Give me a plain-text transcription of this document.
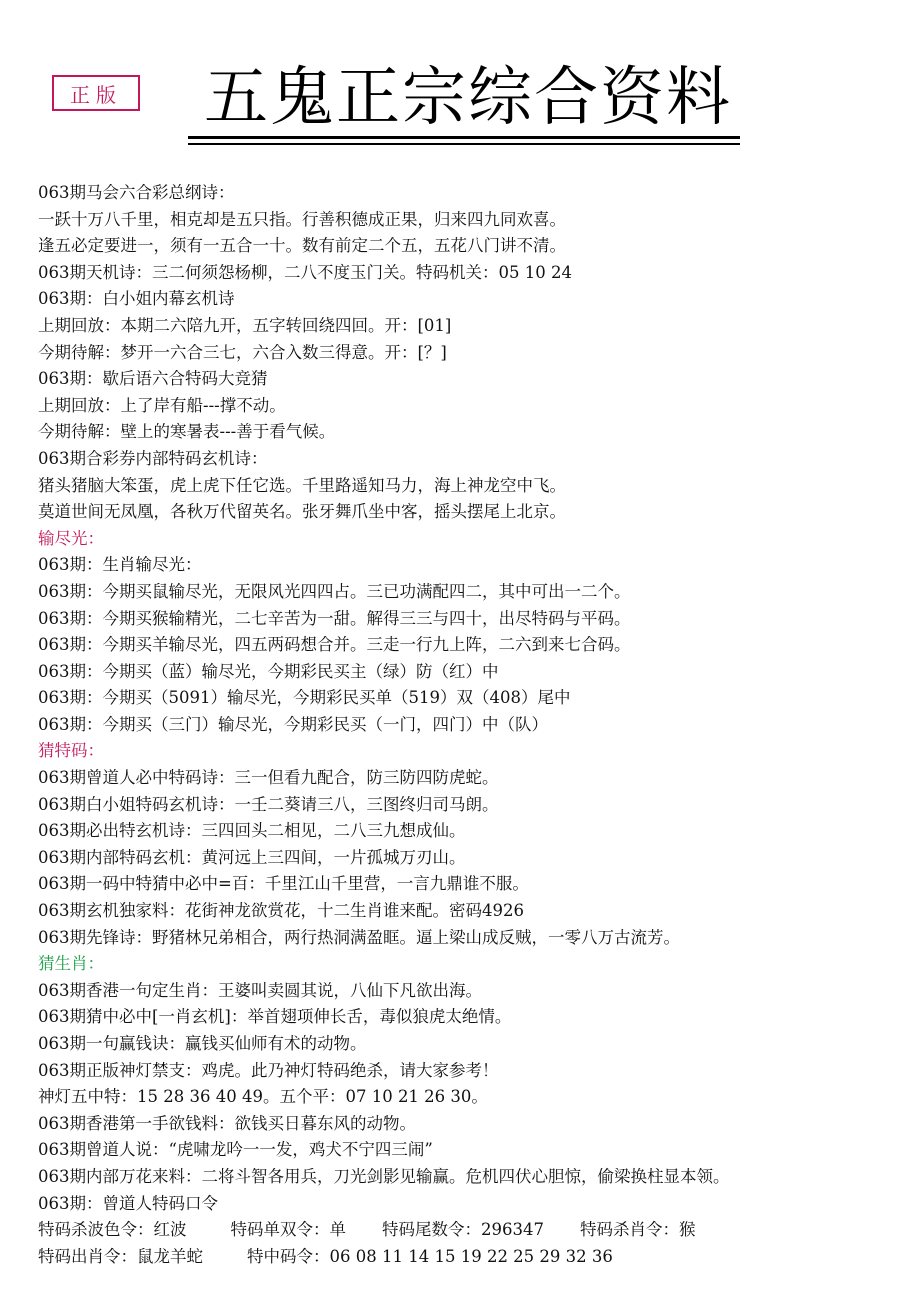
正版 五鬼正宗综合资料
063期马会六合彩总纲诗：
一跃十万八千里，相克却是五只指。行善积德成正果，归来四九同欢喜。
逢五必定要进一，须有一五合一十。数有前定二个五，五花八门讲不清。
063期天机诗：三二何须怨杨柳，二八不度玉门关。特码机关：05 10 24
063期：白小姐内幕玄机诗
上期回放：本期二六陪九开，五字转回绕四回。开：[01]
今期待解：梦开一六合三七，六合入数三得意。开：[？]
063期：歇后语六合特码大竞猜
上期回放：上了岸有船---撑不动。
今期待解：壁上的寒暑表---善于看气候。
063期合彩券内部特码玄机诗：
猪头猪脑大笨蛋，虎上虎下任它选。千里路遥知马力，海上神龙空中飞。
莫道世间无凤凰，各秋万代留英名。张牙舞爪坐中客，摇头摆尾上北京。
输尽光：
063期：生肖输尽光：
063期：今期买鼠输尽光，无限风光四四占。三已功满配四二，其中可出一二个。
063期：今期买猴输精光，二七辛苦为一甜。解得三三与四十，出尽特码与平码。
063期：今期买羊输尽光，四五两码想合并。三走一行九上阵，二六到来七合码。
063期：今期买（蓝）输尽光，今期彩民买主（绿）防（红）中
063期：今期买（5091）输尽光，今期彩民买单（519）双（408）尾中
063期：今期买（三门）输尽光，今期彩民买（一门，四门）中（队）
猜特码：
063期曾道人必中特码诗：三一但看九配合，防三防四防虎蛇。
063期白小姐特码玄机诗：一壬二葵请三八，三图终归司马朗。
063期必出特玄机诗：三四回头二相见，二八三九想成仙。
063期内部特码玄机：黄河远上三四间，一片孤城万刃山。
063期一码中特猜中必中=百：千里江山千里营，一言九鼎谁不服。
063期玄机独家料：花街神龙欲赏花，十二生肖谁来配。密码4926
063期先锋诗：野猪林兄弟相合，两行热洞满盈眶。逼上梁山成反贼，一零八万古流芳。
猜生肖：
063期香港一句定生肖：王婆叫卖圆其说，八仙下凡欲出海。
063期猜中必中[一肖玄机]：举首翅项伸长舌，毒似狼虎太绝情。
063期一句赢钱诀：赢钱买仙师有术的动物。
063期正版神灯禁支：鸡虎。此乃神灯特码绝杀，请大家参考！
神灯五中特：15 28 36 40 49。五个平：07 10 21 26 30。
063期香港第一手欲钱料：欲钱买日暮东风的动物。
063期曾道人说：“虎啸龙吟一一发，鸡犬不宁四三闹”
063期内部万花来料：二将斗智各用兵，刀光剑影见输赢。危机四伏心胆惊，偷梁换柱显本领。
063期：曾道人特码口令
特码杀波色令：红波	特码单双令：单 特码尾数令：296347 特码杀肖令：猴
特码出肖令：鼠龙羊蛇	特中码令：06 08 11 14 15 19 22 25 29 32 36
